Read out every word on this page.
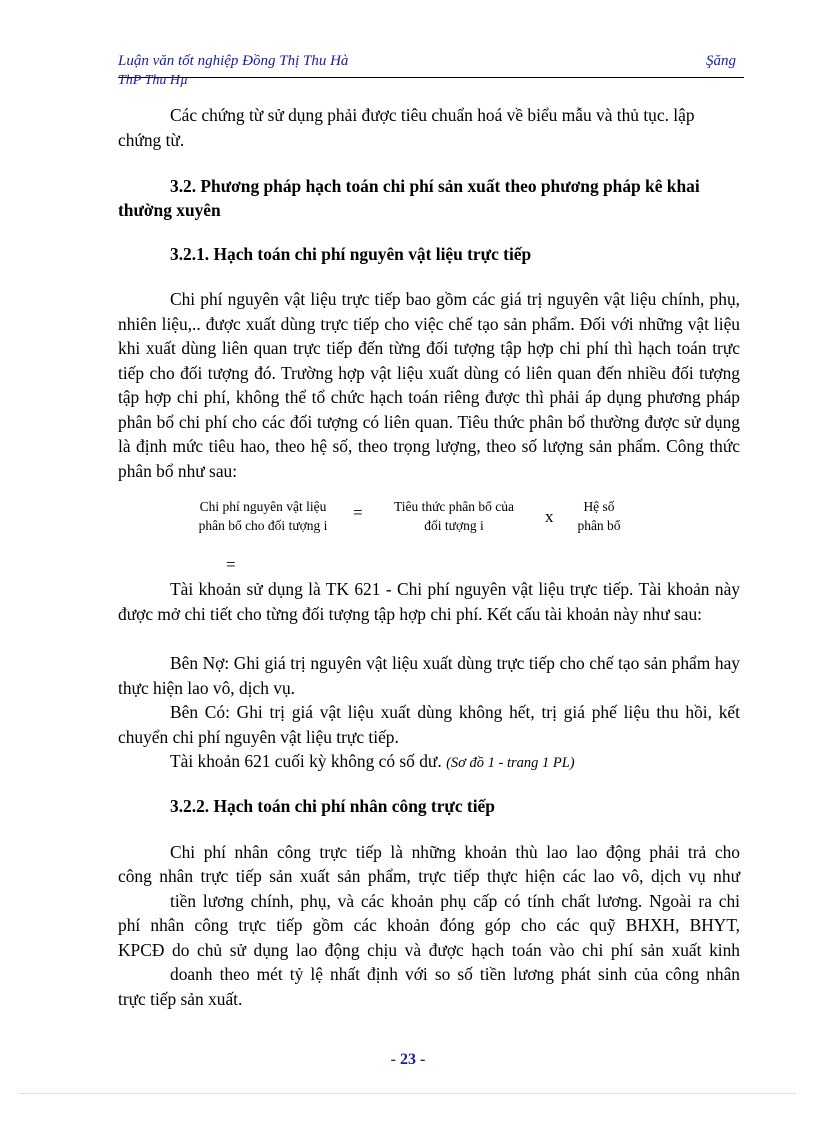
Luận văn tốt nghiệp Đồng Thị Thu Hà	Şăng
ThP Thu Hµ

Các chứng từ sử dụng phải được tiêu chuẩn hoá về biểu mẫu và thủ tục. lập

chứng từ.

3.2. Phương pháp hạch toán chi phí sản xuất theo phương pháp kê khai

thường xuyên

3.2.1. Hạch toán chi phí nguyên vật liệu trực tiếp

Chi phí nguyên vật liệu trực tiếp bao gồm các giá trị nguyên vật liệu chính, phụ, nhiên liệu,.. được xuất dùng trực tiếp cho việc chế tạo sản phẩm. Đối với những vật liệu khi xuất dùng liên quan trực tiếp đến từng đối tượng tập hợp chi phí thì hạch toán trực tiếp cho đối tượng đó. Trường hợp vật liệu xuất dùng có liên quan đến nhiều đối tượng tập hợp chi phí, không thể tổ chức hạch toán riêng được thì phải áp dụng phương pháp phân bổ chi phí cho các đối tượng có liên quan. Tiêu thức phân bổ thường được sử dụng là định mức tiêu hao, theo hệ số, theo trọng lượng, theo số lượng sản phẩm. Công thức phân bổ như sau:

Chi phí nguyên vật liệu

phân bổ cho đối tượng i

=	Tiêu thức phân bổ của

đối tượng i	x

Hệ số

phân bổ

=

Tài khoản sử dụng là TK 621 - Chi phí nguyên vật liệu trực tiếp. Tài khoản này được mở chi tiết cho từng đối tượng tập hợp chi phí. Kết cấu tài khoản này như sau:

Bên Nợ: Ghi giá trị nguyên vật liệu xuất dùng trực tiếp cho chế tạo sản phẩm hay thực hiện lao vô, dịch vụ.

Bên Có: Ghi trị giá vật liệu xuất dùng không hết, trị giá phế liệu thu hồi, kết chuyển chi phí nguyên vật liệu trực tiếp.

Tài khoản 621 cuối kỳ không có số dư. (Sơ đồ 1 - trang 1 PL)

3.2.2. Hạch toán chi phí nhân công trực tiếp

Chi phí nhân công trực tiếp là những khoản thù lao lao động phải trả cho

công nhân trực tiếp sản xuất sản phẩm, trực tiếp thực hiện các lao vô, dịch vụ như

tiền lương chính, phụ, và các khoản phụ cấp có tính chất lương. Ngoài ra chi

phí nhân công trực tiếp gồm các khoản đóng góp cho các quỹ BHXH, BHYT,

KPCĐ do chủ sử dụng lao động chịu và được hạch toán vào chi phí sản xuất kinh

doanh theo mét tỷ lệ nhất định với so số tiền lương phát sinh của công nhân

trực tiếp sản xuất.

- 23 -
